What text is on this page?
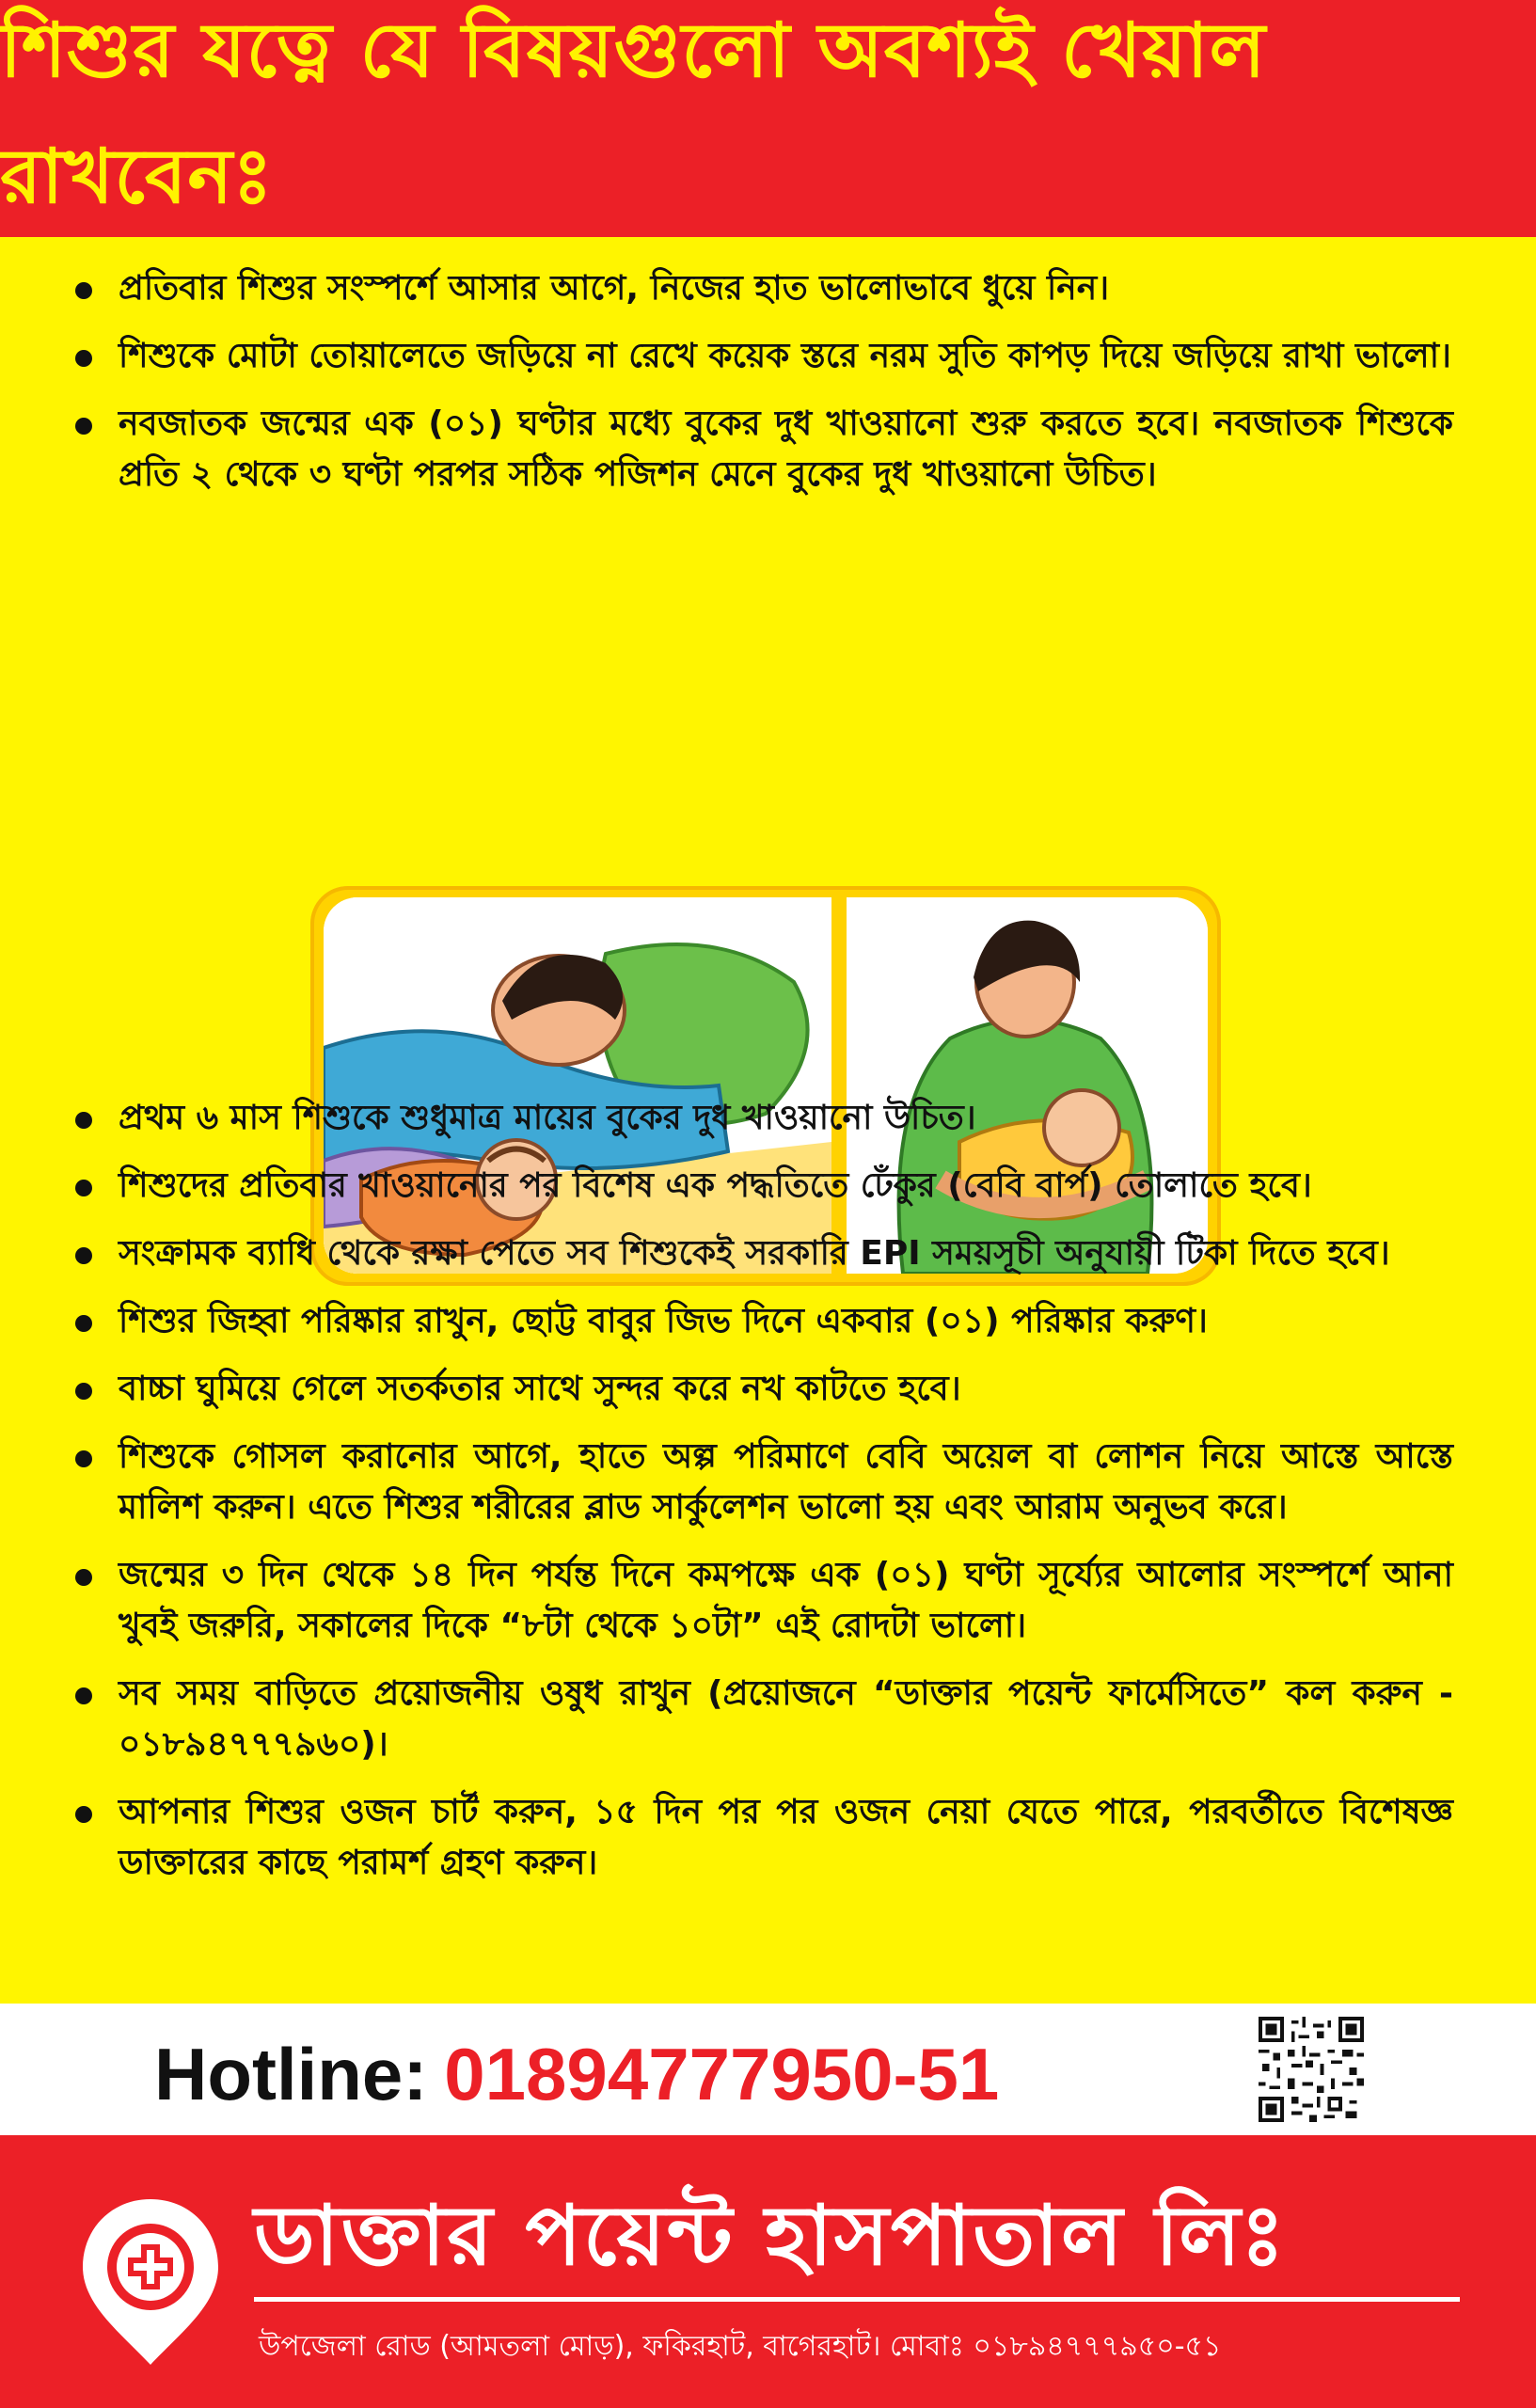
শিশুর যত্নে যে বিষয়গুলো অবশ্যই খেয়াল রাখবেনঃ
প্রতিবার শিশুর সংস্পর্শে আসার আগে, নিজের হাত ভালোভাবে ধুয়ে নিন।
শিশুকে মোটা তোয়ালেতে জড়িয়ে না রেখে কয়েক স্তরে নরম সুতি কাপড় দিয়ে জড়িয়ে রাখা ভালো।
নবজাতক জন্মের এক (০১) ঘণ্টার মধ্যে বুকের দুধ খাওয়ানো শুরু করতে হবে। নবজাতক শিশুকে প্রতি ২ থেকে ৩ ঘণ্টা পরপর সঠিক পজিশন মেনে বুকের দুধ খাওয়ানো উচিত।
প্রথম ৬ মাস শিশুকে শুধুমাত্র মায়ের বুকের দুধ খাওয়ানো উচিত।
শিশুদের প্রতিবার খাওয়ানোর পর বিশেষ এক পদ্ধতিতে ঢেঁকুর (বেবি বার্প) তোলাতে হবে।
সংক্রামক ব্যাধি থেকে রক্ষা পেতে সব শিশুকেই সরকারি EPI সময়সূচী অনুযায়ী টিকা দিতে হবে।
শিশুর জিহ্বা পরিষ্কার রাখুন, ছোট্ট বাবুর জিভ দিনে একবার (০১) পরিষ্কার করুণ।
বাচ্চা ঘুমিয়ে গেলে সতর্কতার সাথে সুন্দর করে নখ কাটতে হবে।
শিশুকে গোসল করানোর আগে, হাতে অল্প পরিমাণে বেবি অয়েল বা লোশন নিয়ে আস্তে আস্তে মালিশ করুন। এতে শিশুর শরীরের ব্লাড সার্কুলেশন ভালো হয় এবং আরাম অনুভব করে।
জন্মের ৩ দিন থেকে ১৪ দিন পর্যন্ত দিনে কমপক্ষে এক (০১) ঘণ্টা সূর্য্যের আলোর সংস্পর্শে আনা খুবই জরুরি, সকালের দিকে “৮টা থেকে ১০টা” এই রোদটা ভালো।
সব সময় বাড়িতে প্রয়োজনীয় ওষুধ রাখুন (প্রয়োজনে “ডাক্তার পয়েন্ট ফার্মেসিতে” কল করুন - ০১৮৯৪৭৭৭৯৬০)।
আপনার শিশুর ওজন চার্ট করুন, ১৫ দিন পর পর ওজন নেয়া যেতে পারে, পরবর্তীতে বিশেষজ্ঞ ডাক্তারের কাছে পরামর্শ গ্রহণ করুন।
Hotline: 01894777950-51
ডাক্তার পয়েন্ট হাসপাতাল লিঃ
উপজেলা রোড (আমতলা মোড়), ফকিরহাট, বাগেরহাট। মোবাঃ ০১৮৯৪৭৭৭৯৫০-৫১
